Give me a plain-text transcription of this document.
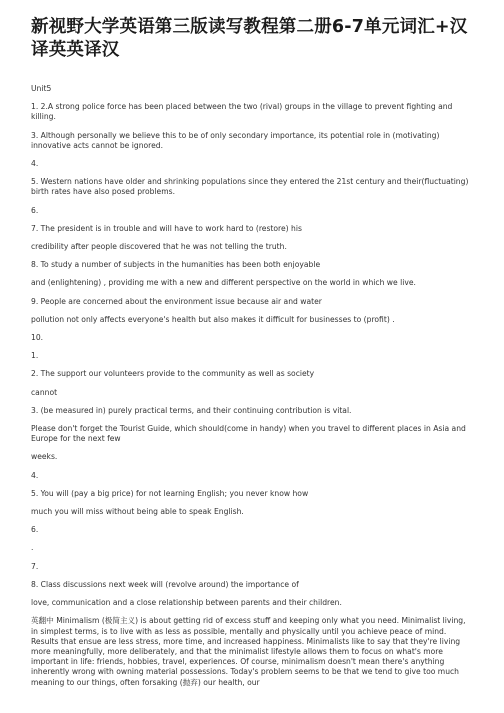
新视野大学英语第三版读写教程第二册6-7单元词汇+汉译英英译汉

Unit5

1. 2.A strong police force has been placed between the two (rival) groups in the village to prevent fighting and killing.

3. Although personally we believe this to be of only secondary importance, its potential role in (motivating) innovative acts cannot be ignored.

4.

5. Western nations have older and shrinking populations since they entered the 21st century and their(fluctuating) birth rates have also posed problems.

6.

7. The president is in trouble and will have to work hard to (restore) his

credibility after people discovered that he was not telling the truth.

8. To study a number of subjects in the humanities has been both enjoyable

and (enlightening) , providing me with a new and different perspective on the world in which we live.

9. People are concerned about the environment issue because air and water

pollution not only affects everyone's health but also makes it difficult for businesses to (profit) .

10.

1.

2. The support our volunteers provide to the community as well as society

cannot

3. (be measured in) purely practical terms, and their continuing contribution is vital.

Please don't forget the Tourist Guide, which should(come in handy) when you travel to different places in Asia and Europe for the next few

weeks.

4.

5. You will (pay a big price) for not learning English; you never know how

much you will miss without being able to speak English.

6.

.

7.

8. Class discussions next week will (revolve around) the importance of

love, communication and a close relationship between parents and their children.

英翻中 Minimalism (极简主义) is about getting rid of excess stuff and keeping only what you need. Minimalist living, in simplest terms, is to live with as less as possible, mentally and physically until you achieve peace of mind. Results that ensue are less stress, more time, and increased happiness. Minimalists like to say that they're living more meaningfully, more deliberately, and that the minimalist lifestyle allows them to focus on what's more important in life: friends, hobbies, travel, experiences. Of course, minimalism doesn't mean there's anything inherently wrong with owning material possessions. Today's problem seems to be that we tend to give too much meaning to our things, often forsaking (抛弃) our health, our
